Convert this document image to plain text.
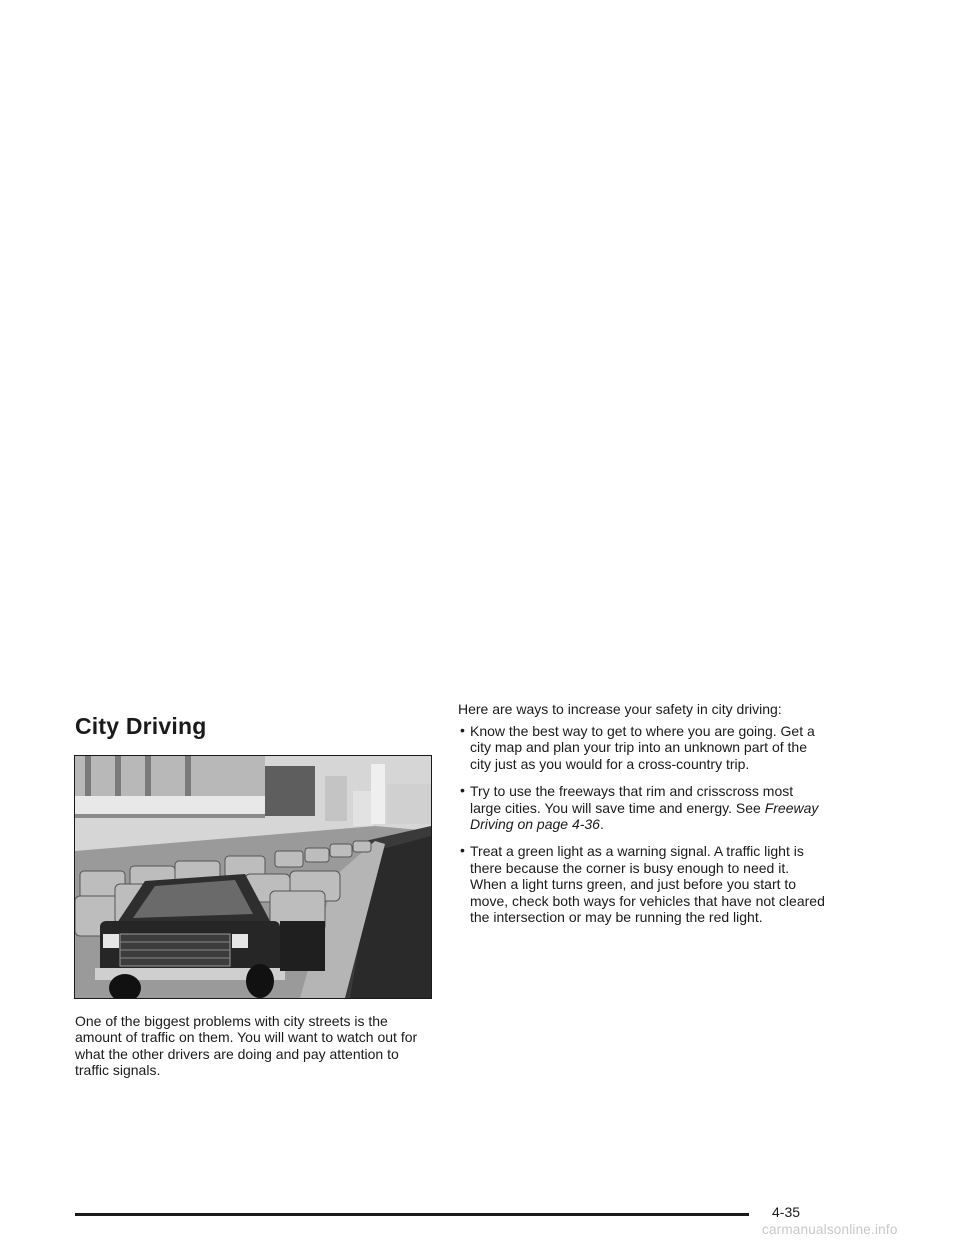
City Driving

One of the biggest problems with city streets is the amount of traffic on them. You will want to watch out for what the other drivers are doing and pay attention to traffic signals.

Here are ways to increase your safety in city driving:

• Know the best way to get to where you are going. Get a city map and plan your trip into an unknown part of the city just as you would for a cross-country trip.
• Try to use the freeways that rim and crisscross most large cities. You will save time and energy. See Freeway Driving on page 4-36.
• Treat a green light as a warning signal. A traffic light is there because the corner is busy enough to need it. When a light turns green, and just before you start to move, check both ways for vehicles that have not cleared the intersection or may be running the red light.
4-35
carmanualsonline.info
